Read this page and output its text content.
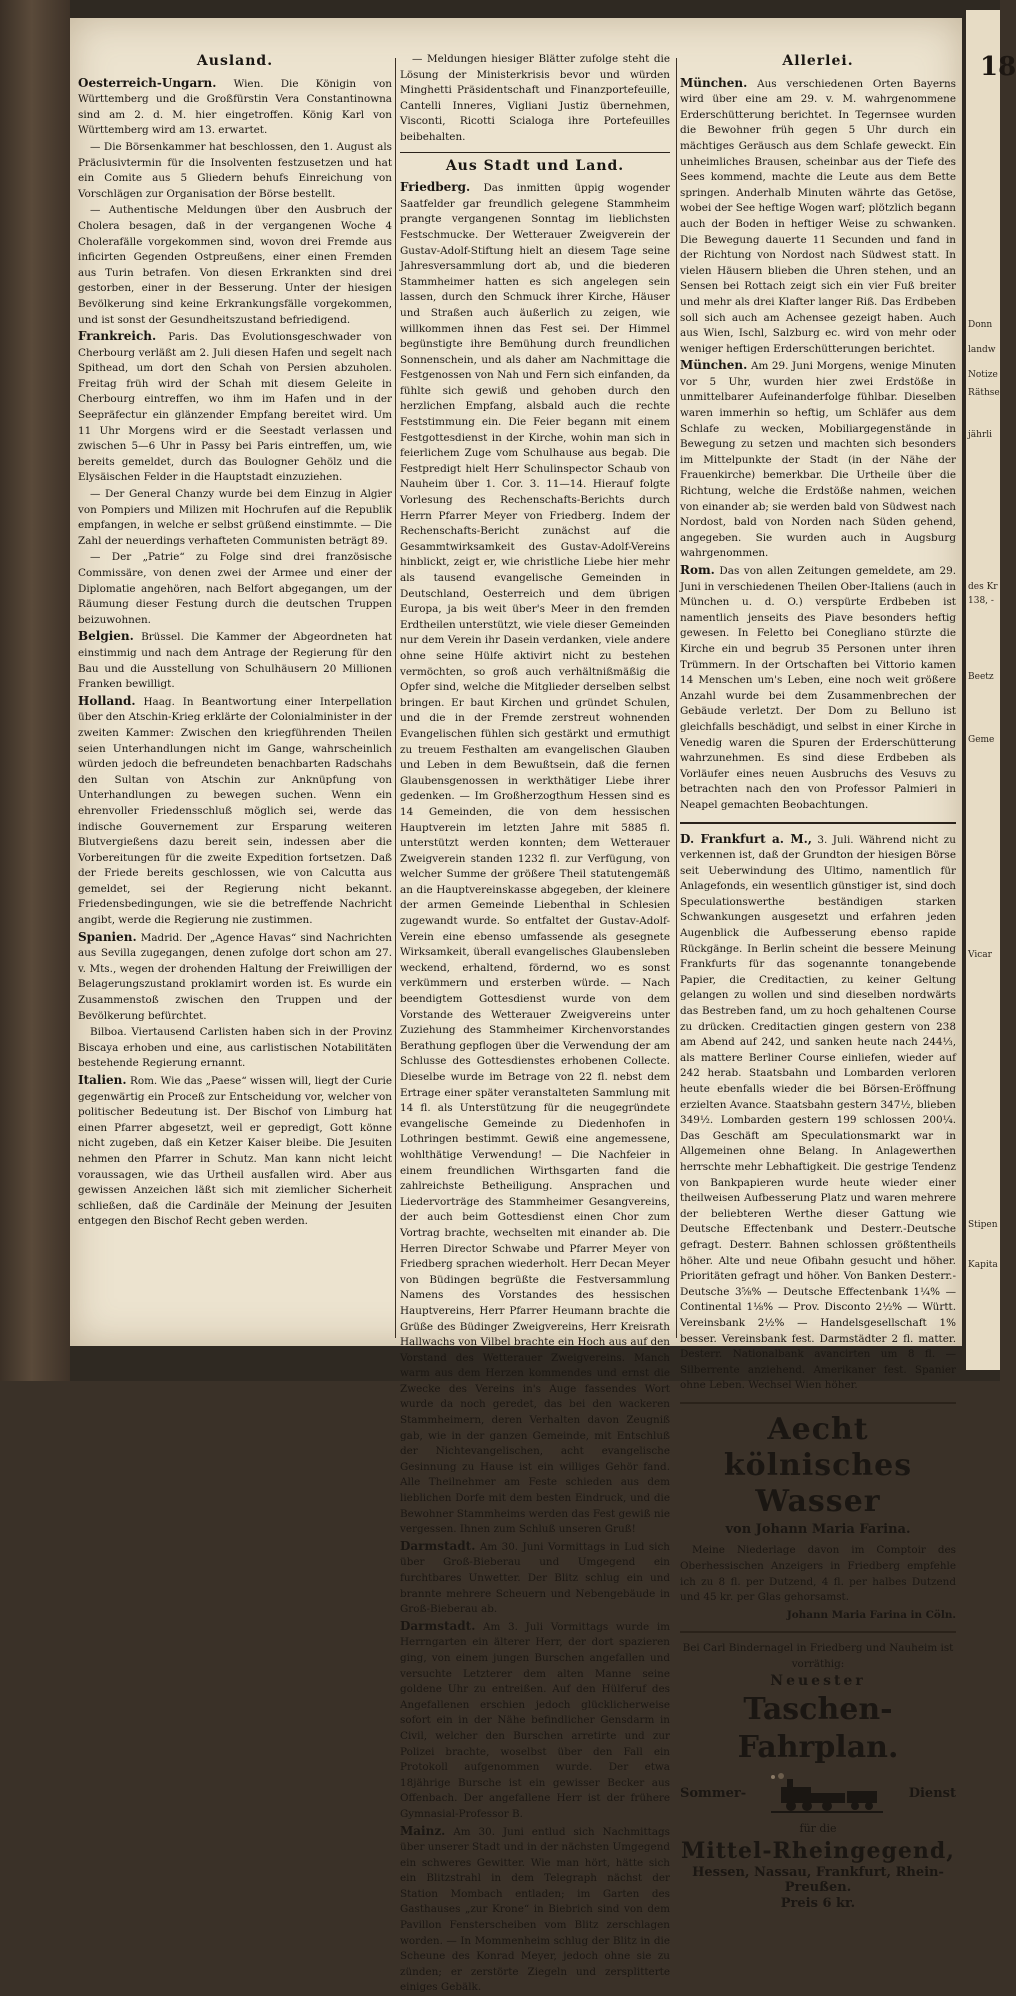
Ausland.

Oesterreich-Ungarn. Wien. Die Königin von Württemberg und die Großfürstin Vera Constantinowna sind am 2. d. M. hier eingetroffen. König Karl von Württemberg wird am 13. erwartet.

— Die Börsenkammer hat beschlossen, den 1. August als Präclusivtermin für die Insolventen festzusetzen und hat ein Comite aus 5 Gliedern behufs Einreichung von Vorschlägen zur Organisation der Börse bestellt.

— Authentische Meldungen über den Ausbruch der Cholera besagen, daß in der vergangenen Woche 4 Cholerafälle vorgekommen sind, wovon drei Fremde aus inficirten Gegenden Ostpreußens, einer einen Fremden aus Turin betrafen. Von diesen Erkrankten sind drei gestorben, einer in der Besserung. Unter der hiesigen Bevölkerung sind keine Erkrankungsfälle vorgekommen, und ist sonst der Gesundheitszustand befriedigend.

Frankreich. Paris. Das Evolutionsgeschwader von Cherbourg verläßt am 2. Juli diesen Hafen und segelt nach Spithead, um dort den Schah von Persien abzuholen. Freitag früh wird der Schah mit diesem Geleite in Cherbourg eintreffen, wo ihm im Hafen und in der Seepräfectur ein glänzender Empfang bereitet wird. Um 11 Uhr Morgens wird er die Seestadt verlassen und zwischen 5—6 Uhr in Passy bei Paris eintreffen, um, wie bereits gemeldet, durch das Boulogner Gehölz und die Elysäischen Felder in die Hauptstadt einzuziehen.

— Der General Chanzy wurde bei dem Einzug in Algier von Pompiers und Milizen mit Hochrufen auf die Republik empfangen, in welche er selbst grüßend einstimmte. — Die Zahl der neuerdings verhafteten Communisten beträgt 89.

— Der „Patrie“ zu Folge sind drei französische Commissäre, von denen zwei der Armee und einer der Diplomatie angehören, nach Belfort abgegangen, um der Räumung dieser Festung durch die deutschen Truppen beizuwohnen.

Belgien. Brüssel. Die Kammer der Abgeordneten hat einstimmig und nach dem Antrage der Regierung für den Bau und die Ausstellung von Schulhäusern 20 Millionen Franken bewilligt.

Holland. Haag. In Beantwortung einer Interpellation über den Atschin-Krieg erklärte der Colonialminister in der zweiten Kammer: Zwischen den kriegführenden Theilen seien Unterhandlungen nicht im Gange, wahrscheinlich würden jedoch die befreundeten benachbarten Radschahs den Sultan von Atschin zur Anknüpfung von Unterhandlungen zu bewegen suchen. Wenn ein ehrenvoller Friedensschluß möglich sei, werde das indische Gouvernement zur Ersparung weiteren Blutvergießens dazu bereit sein, indessen aber die Vorbereitungen für die zweite Expedition fortsetzen. Daß der Friede bereits geschlossen, wie von Calcutta aus gemeldet, sei der Regierung nicht bekannt. Friedensbedingungen, wie sie die betreffende Nachricht angibt, werde die Regierung nie zustimmen.

Spanien. Madrid. Der „Agence Havas“ sind Nachrichten aus Sevilla zugegangen, denen zufolge dort schon am 27. v. Mts., wegen der drohenden Haltung der Freiwilligen der Belagerungszustand proklamirt worden ist. Es wurde ein Zusammenstoß zwischen den Truppen und der Bevölkerung befürchtet.

Bilboa. Viertausend Carlisten haben sich in der Provinz Biscaya erhoben und eine, aus carlistischen Notabilitäten bestehende Regierung ernannt.

Italien. Rom. Wie das „Paese“ wissen will, liegt der Curie gegenwärtig ein Proceß zur Entscheidung vor, welcher von politischer Bedeutung ist. Der Bischof von Limburg hat einen Pfarrer abgesetzt, weil er gepredigt, Gott könne nicht zugeben, daß ein Ketzer Kaiser bleibe. Die Jesuiten nehmen den Pfarrer in Schutz. Man kann nicht leicht voraussagen, wie das Urtheil ausfallen wird. Aber aus gewissen Anzeichen läßt sich mit ziemlicher Sicherheit schließen, daß die Cardinäle der Meinung der Jesuiten entgegen den Bischof Recht geben werden.

— Meldungen hiesiger Blätter zufolge steht die Lösung der Ministerkrisis bevor und würden Minghetti Präsidentschaft und Finanzportefeuille, Cantelli Inneres, Vigliani Justiz übernehmen, Visconti, Ricotti Scialoga ihre Portefeuilles beibehalten.

Aus Stadt und Land.

Friedberg. Das inmitten üppig wogender Saatfelder gar freundlich gelegene Stammheim prangte vergangenen Sonntag im lieblichsten Festschmucke. Der Wetterauer Zweigverein der Gustav-Adolf-Stiftung hielt an diesem Tage seine Jahresversammlung dort ab, und die biederen Stammheimer hatten es sich angelegen sein lassen, durch den Schmuck ihrer Kirche, Häuser und Straßen auch äußerlich zu zeigen, wie willkommen ihnen das Fest sei. Der Himmel begünstigte ihre Bemühung durch freundlichen Sonnenschein, und als daher am Nachmittage die Festgenossen von Nah und Fern sich einfanden, da fühlte sich gewiß und gehoben durch den herzlichen Empfang, alsbald auch die rechte Feststimmung ein. Die Feier begann mit einem Festgottesdienst in der Kirche, wohin man sich in feierlichem Zuge vom Schulhause aus begab. Die Festpredigt hielt Herr Schulinspector Schaub von Nauheim über 1. Cor. 3. 11—14. Hierauf folgte Vorlesung des Rechenschafts-Berichts durch Herrn Pfarrer Meyer von Friedberg. Indem der Rechenschafts-Bericht zunächst auf die Gesammtwirksamkeit des Gustav-Adolf-Vereins hinblickt, zeigt er, wie christliche Liebe hier mehr als tausend evangelische Gemeinden in Deutschland, Oesterreich und dem übrigen Europa, ja bis weit über's Meer in den fremden Erdtheilen unterstützt, wie viele dieser Gemeinden nur dem Verein ihr Dasein verdanken, viele andere ohne seine Hülfe aktivirt nicht zu bestehen vermöchten, so groß auch verhältnißmäßig die Opfer sind, welche die Mitglieder derselben selbst bringen. Er baut Kirchen und gründet Schulen, und die in der Fremde zerstreut wohnenden Evangelischen fühlen sich gestärkt und ermuthigt zu treuem Festhalten am evangelischen Glauben und Leben in dem Bewußtsein, daß die fernen Glaubensgenossen in werkthätiger Liebe ihrer gedenken. — Im Großherzogthum Hessen sind es 14 Gemeinden, die von dem hessischen Hauptverein im letzten Jahre mit 5885 fl. unterstützt werden konnten; dem Wetterauer Zweigverein standen 1232 fl. zur Verfügung, von welcher Summe der größere Theil statutengemäß an die Hauptvereinskasse abgegeben, der kleinere der armen Gemeinde Liebenthal in Schlesien zugewandt wurde. So entfaltet der Gustav-Adolf-Verein eine ebenso umfassende als gesegnete Wirksamkeit, überall evangelisches Glaubensleben weckend, erhaltend, fördernd, wo es sonst verkümmern und ersterben würde. — Nach beendigtem Gottesdienst wurde von dem Vorstande des Wetterauer Zweigvereins unter Zuziehung des Stammheimer Kirchenvorstandes Berathung gepflogen über die Verwendung der am Schlusse des Gottesdienstes erhobenen Collecte. Dieselbe wurde im Betrage von 22 fl. nebst dem Ertrage einer später veranstalteten Sammlung mit 14 fl. als Unterstützung für die neugegründete evangelische Gemeinde zu Diedenhofen in Lothringen bestimmt. Gewiß eine angemessene, wohlthätige Verwendung! — Die Nachfeier in einem freundlichen Wirthsgarten fand die zahlreichste Betheiligung. Ansprachen und Liedervorträge des Stammheimer Gesangvereins, der auch beim Gottesdienst einen Chor zum Vortrag brachte, wechselten mit einander ab. Die Herren Director Schwabe und Pfarrer Meyer von Friedberg sprachen wiederholt. Herr Decan Meyer von Büdingen begrüßte die Festversammlung Namens des Vorstandes des hessischen Hauptvereins, Herr Pfarrer Heumann brachte die Grüße des Büdinger Zweigvereins, Herr Kreisrath Hallwachs von Vilbel brachte ein Hoch aus auf den Vorstand des Wetterauer Zweigvereins. Manch warm aus dem Herzen kommendes und ernst die Zwecke des Vereins in's Auge fassendes Wort wurde da noch geredet, das bei den wackeren Stammheimern, deren Verhalten davon Zeugniß gab, wie in der ganzen Gemeinde, mit Entschluß der Nichtevangelischen, acht evangelische Gesinnung zu Hause ist ein williges Gehör fand. Alle Theilnehmer am Feste schieden aus dem lieblichen Dorfe mit dem besten Eindruck, und die Bewohner Stammheims werden das Fest gewiß nie vergessen. Ihnen zum Schluß unseren Gruß!

Darmstadt. Am 30. Juni Vormittags in Lud sich über Groß-Bieberau und Umgegend ein furchtbares Unwetter. Der Blitz schlug ein und brannte mehrere Scheuern und Nebengebäude in Groß-Bieberau ab.

Darmstadt. Am 3. Juli Vormittags wurde im Herrngarten ein älterer Herr, der dort spazieren ging, von einem jungen Burschen angefallen und versuchte Letzterer dem alten Manne seine goldene Uhr zu entreißen. Auf den Hülferuf des Angefallenen erschien jedoch glücklicherweise sofort ein in der Nähe befindlicher Gensdarm in Civil, welcher den Burschen arretirte und zur Polizei brachte, woselbst über den Fall ein Protokoll aufgenommen wurde. Der etwa 18jährige Bursche ist ein gewisser Becker aus Offenbach. Der angefallene Herr ist der frühere Gymnasial-Professor B.

Mainz. Am 30. Juni entlud sich Nachmittags über unserer Stadt und in der nächsten Umgegend ein schweres Gewitter. Wie man hört, hätte sich ein Blitzstrahl in dem Telegraph nächst der Station Mombach entladen; im Garten des Gasthauses „zur Krone“ in Biebrich sind von dem Pavillon Fensterscheiben vom Blitz zerschlagen worden. — In Mommenheim schlug der Blitz in die Scheune des Konrad Meyer, jedoch ohne sie zu zünden; er zerstörte Ziegeln und zersplitterte einiges Gebälk.

Allerlei.

München. Aus verschiedenen Orten Bayerns wird über eine am 29. v. M. wahrgenommene Erderschütterung berichtet. In Tegernsee wurden die Bewohner früh gegen 5 Uhr durch ein mächtiges Geräusch aus dem Schlafe geweckt. Ein unheimliches Brausen, scheinbar aus der Tiefe des Sees kommend, machte die Leute aus dem Bette springen. Anderhalb Minuten währte das Getöse, wobei der See heftige Wogen warf; plötzlich begann auch der Boden in heftiger Weise zu schwanken. Die Bewegung dauerte 11 Secunden und fand in der Richtung von Nordost nach Südwest statt. In vielen Häusern blieben die Uhren stehen, und an Sensen bei Rottach zeigt sich ein vier Fuß breiter und mehr als drei Klafter langer Riß. Das Erdbeben soll sich auch am Achensee gezeigt haben. Auch aus Wien, Ischl, Salzburg ec. wird von mehr oder weniger heftigen Erderschütterungen berichtet.

München. Am 29. Juni Morgens, wenige Minuten vor 5 Uhr, wurden hier zwei Erdstöße in unmittelbarer Aufeinanderfolge fühlbar. Dieselben waren immerhin so heftig, um Schläfer aus dem Schlafe zu wecken, Mobiliargegenstände in Bewegung zu setzen und machten sich besonders im Mittelpunkte der Stadt (in der Nähe der Frauenkirche) bemerkbar. Die Urtheile über die Richtung, welche die Erdstöße nahmen, weichen von einander ab; sie werden bald von Südwest nach Nordost, bald von Norden nach Süden gehend, angegeben. Sie wurden auch in Augsburg wahrgenommen.

Rom. Das von allen Zeitungen gemeldete, am 29. Juni in verschiedenen Theilen Ober-Italiens (auch in München u. d. O.) verspürte Erdbeben ist namentlich jenseits des Piave besonders heftig gewesen. In Feletto bei Conegliano stürzte die Kirche ein und begrub 35 Personen unter ihren Trümmern. In der Ortschaften bei Vittorio kamen 14 Menschen um's Leben, eine noch weit größere Anzahl wurde bei dem Zusammenbrechen der Gebäude verletzt. Der Dom zu Belluno ist gleichfalls beschädigt, und selbst in einer Kirche in Venedig waren die Spuren der Erderschütterung wahrzunehmen. Es sind diese Erdbeben als Vorläufer eines neuen Ausbruchs des Vesuvs zu betrachten nach den von Professor Palmieri in Neapel gemachten Beobachtungen.

D. Frankfurt a. M., 3. Juli. Während nicht zu verkennen ist, daß der Grundton der hiesigen Börse seit Ueberwindung des Ultimo, namentlich für Anlagefonds, ein wesentlich günstiger ist, sind doch Speculationswerthe beständigen starken Schwankungen ausgesetzt und erfahren jeden Augenblick die Aufbesserung ebenso rapide Rückgänge. In Berlin scheint die bessere Meinung Frankfurts für das sogenannte tonangebende Papier, die Creditactien, zu keiner Geltung gelangen zu wollen und sind dieselben nordwärts das Bestreben fand, um zu hoch gehaltenen Course zu drücken. Creditactien gingen gestern von 238 am Abend auf 242, und sanken heute nach 244⅓, als mattere Berliner Course einliefen, wieder auf 242 herab. Staatsbahn und Lombarden verloren heute ebenfalls wieder die bei Börsen-Eröffnung erzielten Avance. Staatsbahn gestern 347½, blieben 349½. Lombarden gestern 199 schlossen 200¼. Das Geschäft am Speculationsmarkt war in Allgemeinen ohne Belang. In Anlagewerthen herrschte mehr Lebhaftigkeit. Die gestrige Tendenz von Bankpapieren wurde heute wieder einer theilweisen Aufbesserung Platz und waren mehrere der beliebteren Werthe dieser Gattung wie Deutsche Effectenbank und Desterr.-Deutsche gefragt. Desterr. Bahnen schlossen größtentheils höher. Alte und neue Ofibahn gesucht und höher. Prioritäten gefragt und höher. Von Banken Desterr.-Deutsche 3⅝% — Deutsche Effectenbank 1¼% — Continental 1⅛% — Prov. Disconto 2½% — Württ. Vereinsbank 2½% — Handelsgesellschaft 1% besser. Vereinsbank fest. Darmstädter 2 fl. matter. Desterr. Nationalbank avancirten um 8 fl. — Silberrente anziehend. Amerikaner fest. Spanier ohne Leben. Wechsel Wien höher.

Aecht kölnisches Wasser
von Johann Maria Farina.

Meine Niederlage davon im Comptoir des Oberhessischen Anzeigers in Friedberg empfehle ich zu 8 fl. per Dutzend, 4 fl. per halbes Dutzend und 45 kr. per Glas gehorsamst.

Johann Maria Farina in Cöln.

Bei Carl Bindernagel in Friedberg und Nauheim ist vorräthig:

Neuester
Taschen-Fahrplan.
Sommer-	Dienst
für die
Mittel-Rheingegend,
Hessen, Nassau, Frankfurt, Rhein-Preußen.
Preis 6 kr.
Donn
landw
Notize
Räthse
jährli
des Kr
138, -
Beetz
Geme
Vicar
Stipen
Kapita
18
